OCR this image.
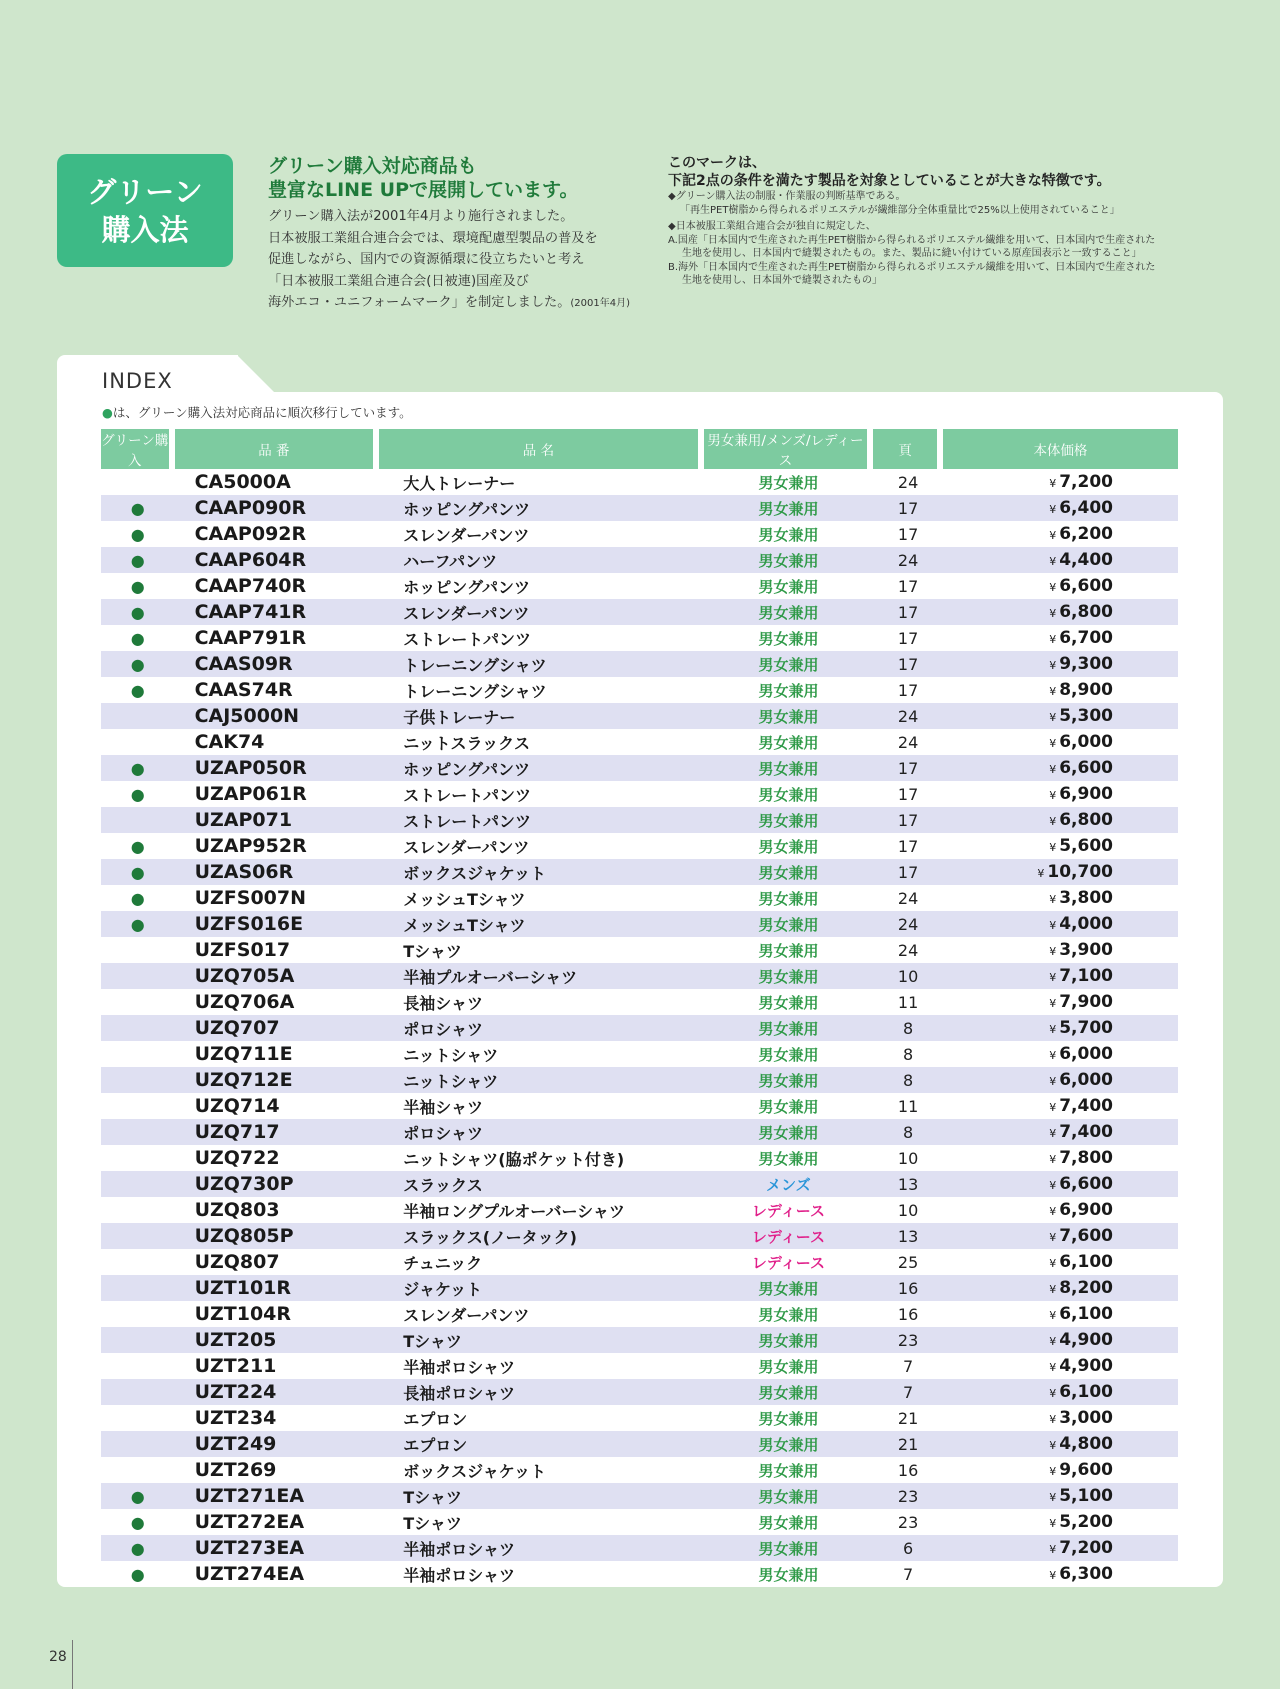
グリーン
購入法
グリーン購入対応商品も
豊富なLINE UPで展開しています。
グリーン購入法が2001年4月より施行されました。
日本被服工業組合連合会では、環境配慮型製品の普及を
促進しながら、国内での資源循環に役立ちたいと考え
「日本被服工業組合連合会(日被連)国産及び
海外エコ・ユニフォームマーク」を制定しました。(2001年4月)
このマークは、
下記2点の条件を満たす製品を対象としていることが大きな特徴です。
◆グリーン購入法の制服・作業服の判断基準である。
「再生PET樹脂から得られるポリエステルが繊維部分全体重量比で25%以上使用されていること」
◆日本被服工業組合連合会が独自に規定した、
A.国産「日本国内で生産された再生PET樹脂から得られるポリエステル繊維を用いて、日本国内で生産された
生地を使用し、日本国内で縫製されたもの。また、製品に縫い付けている原産国表示と一致すること」
B.海外「日本国内で生産された再生PET樹脂から得られるポリエステル繊維を用いて、日本国内で生産された
生地を使用し、日本国外で縫製されたもの」
INDEX
●は、グリーン購入法対応商品に順次移行しています。
グリーン購入	品 番	品 名	男女兼用/メンズ/レディース	頁	本体価格
	CA5000A	大人トレーナー	男女兼用	24	¥ 7,200
●	CAAP090R	ホッピングパンツ	男女兼用	17	¥ 6,400
●	CAAP092R	スレンダーパンツ	男女兼用	17	¥ 6,200
●	CAAP604R	ハーフパンツ	男女兼用	24	¥ 4,400
●	CAAP740R	ホッピングパンツ	男女兼用	17	¥ 6,600
●	CAAP741R	スレンダーパンツ	男女兼用	17	¥ 6,800
●	CAAP791R	ストレートパンツ	男女兼用	17	¥ 6,700
●	CAAS09R	トレーニングシャツ	男女兼用	17	¥ 9,300
●	CAAS74R	トレーニングシャツ	男女兼用	17	¥ 8,900
	CAJ5000N	子供トレーナー	男女兼用	24	¥ 5,300
	CAK74	ニットスラックス	男女兼用	24	¥ 6,000
●	UZAP050R	ホッピングパンツ	男女兼用	17	¥ 6,600
●	UZAP061R	ストレートパンツ	男女兼用	17	¥ 6,900
	UZAP071	ストレートパンツ	男女兼用	17	¥ 6,800
●	UZAP952R	スレンダーパンツ	男女兼用	17	¥ 5,600
●	UZAS06R	ボックスジャケット	男女兼用	17	¥ 10,700
●	UZFS007N	メッシュTシャツ	男女兼用	24	¥ 3,800
●	UZFS016E	メッシュTシャツ	男女兼用	24	¥ 4,000
	UZFS017	Tシャツ	男女兼用	24	¥ 3,900
	UZQ705A	半袖プルオーバーシャツ	男女兼用	10	¥ 7,100
	UZQ706A	長袖シャツ	男女兼用	11	¥ 7,900
	UZQ707	ポロシャツ	男女兼用	8	¥ 5,700
	UZQ711E	ニットシャツ	男女兼用	8	¥ 6,000
	UZQ712E	ニットシャツ	男女兼用	8	¥ 6,000
	UZQ714	半袖シャツ	男女兼用	11	¥ 7,400
	UZQ717	ポロシャツ	男女兼用	8	¥ 7,400
	UZQ722	ニットシャツ(脇ポケット付き)	男女兼用	10	¥ 7,800
	UZQ730P	スラックス	メンズ	13	¥ 6,600
	UZQ803	半袖ロングプルオーバーシャツ	レディース	10	¥ 6,900
	UZQ805P	スラックス(ノータック)	レディース	13	¥ 7,600
	UZQ807	チュニック	レディース	25	¥ 6,100
	UZT101R	ジャケット	男女兼用	16	¥ 8,200
	UZT104R	スレンダーパンツ	男女兼用	16	¥ 6,100
	UZT205	Tシャツ	男女兼用	23	¥ 4,900
	UZT211	半袖ポロシャツ	男女兼用	7	¥ 4,900
	UZT224	長袖ポロシャツ	男女兼用	7	¥ 6,100
	UZT234	エプロン	男女兼用	21	¥ 3,000
	UZT249	エプロン	男女兼用	21	¥ 4,800
	UZT269	ボックスジャケット	男女兼用	16	¥ 9,600
●	UZT271EA	Tシャツ	男女兼用	23	¥ 5,100
●	UZT272EA	Tシャツ	男女兼用	23	¥ 5,200
●	UZT273EA	半袖ポロシャツ	男女兼用	6	¥ 7,200
●	UZT274EA	半袖ポロシャツ	男女兼用	7	¥ 6,300
28
